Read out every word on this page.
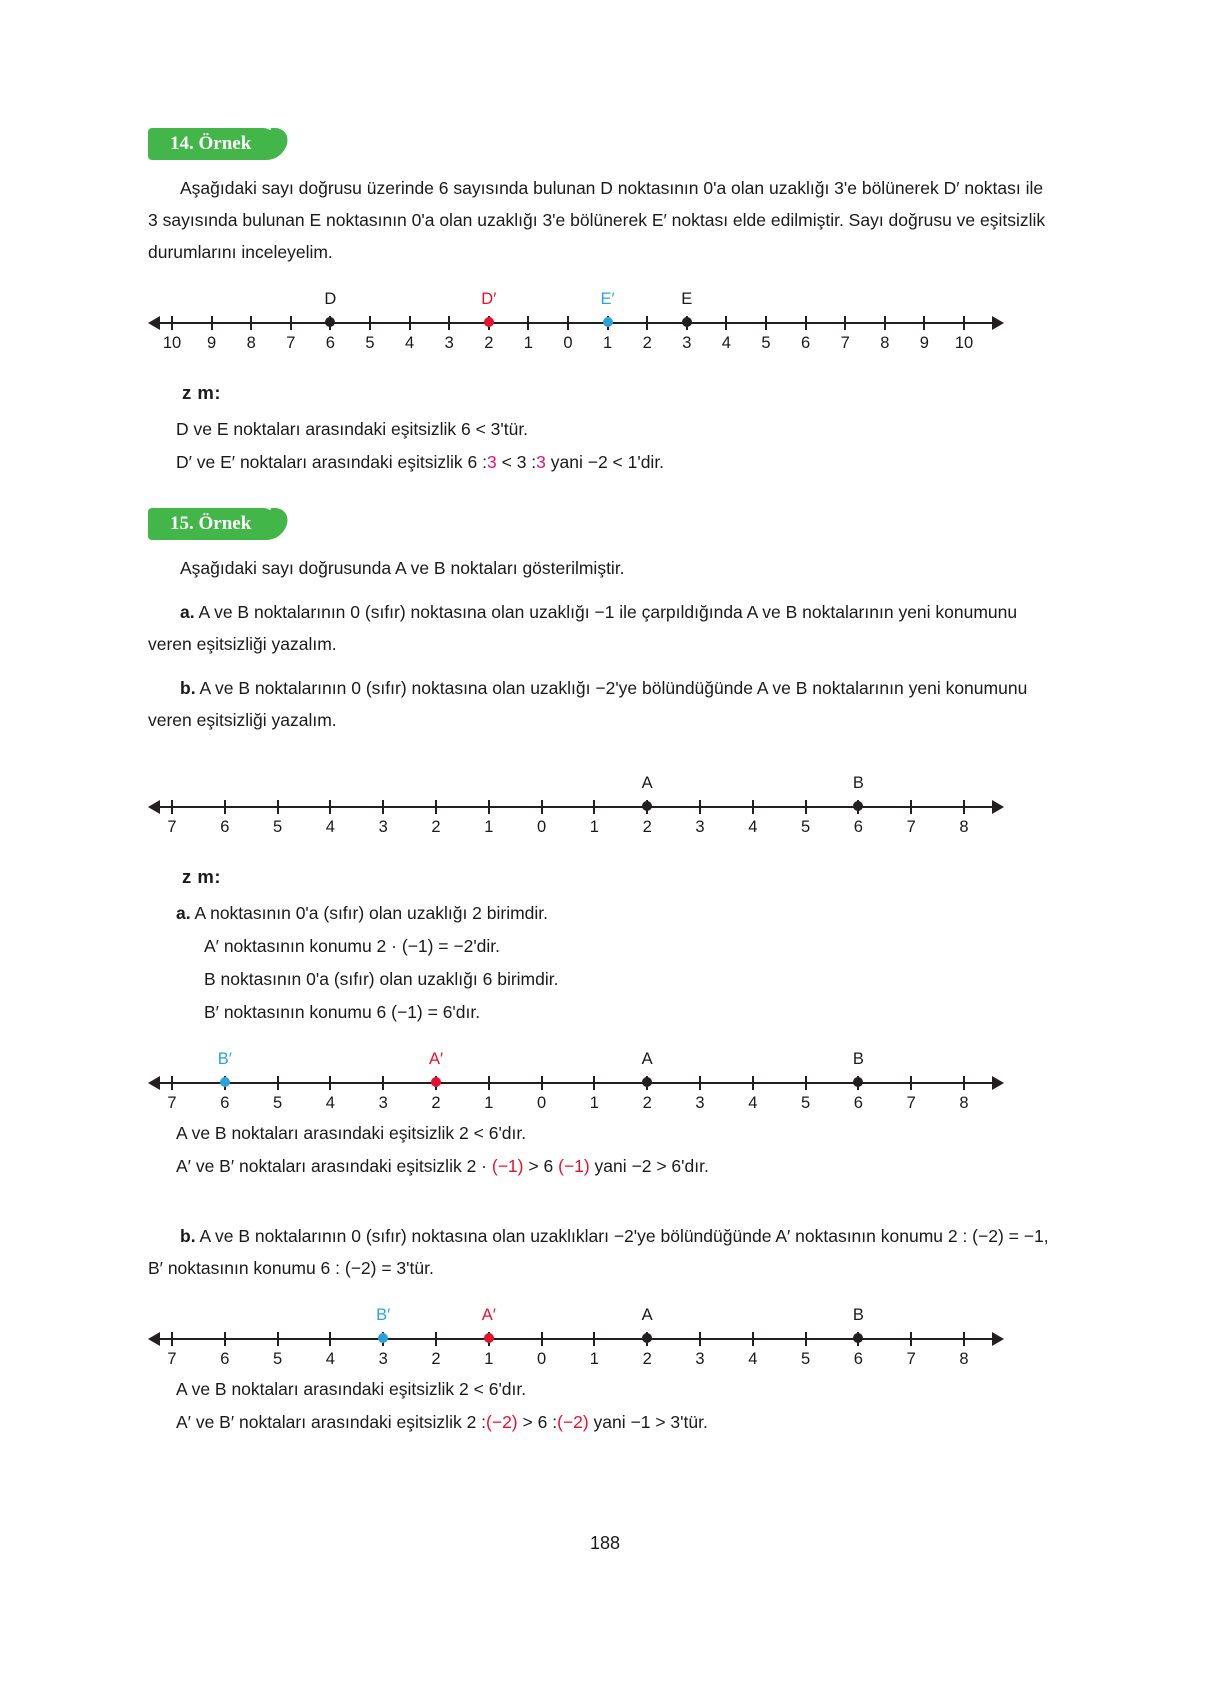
14. Örnek

Aşağıdaki sayı doğrusu üzerinde 6 sayısında bulunan D noktasının 0'a olan uzaklığı 3'e bölünerek D′ noktası ile 3 sayısında bulunan E noktasının 0'a olan uzaklığı 3'e bölünerek E′ noktası elde edilmiştir. Sayı doğrusu ve eşitsizlik durumlarını inceleyelim.

10	9	8	7	6	5	4	3	2	1	0	1	2	3	4	5	6	7	8	9	10
D	D′	E′	E
z m:

D ve E noktaları arasındaki eşitsizlik 6 < 3'tür.

D′ ve E′ noktaları arasındaki eşitsizlik 6 :3 < 3 :3 yani −2 < 1'dir.

15. Örnek

Aşağıdaki sayı doğrusunda A ve B noktaları gösterilmiştir.

a. A ve B noktalarının 0 (sıfır) noktasına olan uzaklığı −1 ile çarpıldığında A ve B noktalarının yeni konumunu veren eşitsizliği yazalım.

b. A ve B noktalarının 0 (sıfır) noktasına olan uzaklığı −2'ye bölündüğünde A ve B noktalarının yeni konumunu veren eşitsizliği yazalım.

7	6	5	4	3	2	1	0	1	2	3	4	5	6	7	8
A	B
z m:

a. A noktasının 0'a (sıfır) olan uzaklığı 2 birimdir.

A′ noktasının konumu 2 · (−1) = −2'dir.

B noktasının 0'a (sıfır) olan uzaklığı 6 birimdir.

B′ noktasının konumu 6 (−1) = 6'dır.

7	6	5	4	3	2	1	0	1	2	3	4	5	6	7	8
B′	A′	A	B

A ve B noktaları arasındaki eşitsizlik 2 < 6'dır.

A′ ve B′ noktaları arasındaki eşitsizlik 2 · (−1) > 6 (−1) yani −2 > 6'dır.

b. A ve B noktalarının 0 (sıfır) noktasına olan uzaklıkları −2'ye bölündüğünde A′ noktasının konumu 2 : (−2) = −1, B′ noktasının konumu 6 : (−2) = 3'tür.

7	6	5	4	3	2	1	0	1	2	3	4	5	6	7	8
B′	A′	A	B

A ve B noktaları arasındaki eşitsizlik 2 < 6'dır.

A′ ve B′ noktaları arasındaki eşitsizlik 2 :(−2) > 6 :(−2) yani −1 > 3'tür.

188
